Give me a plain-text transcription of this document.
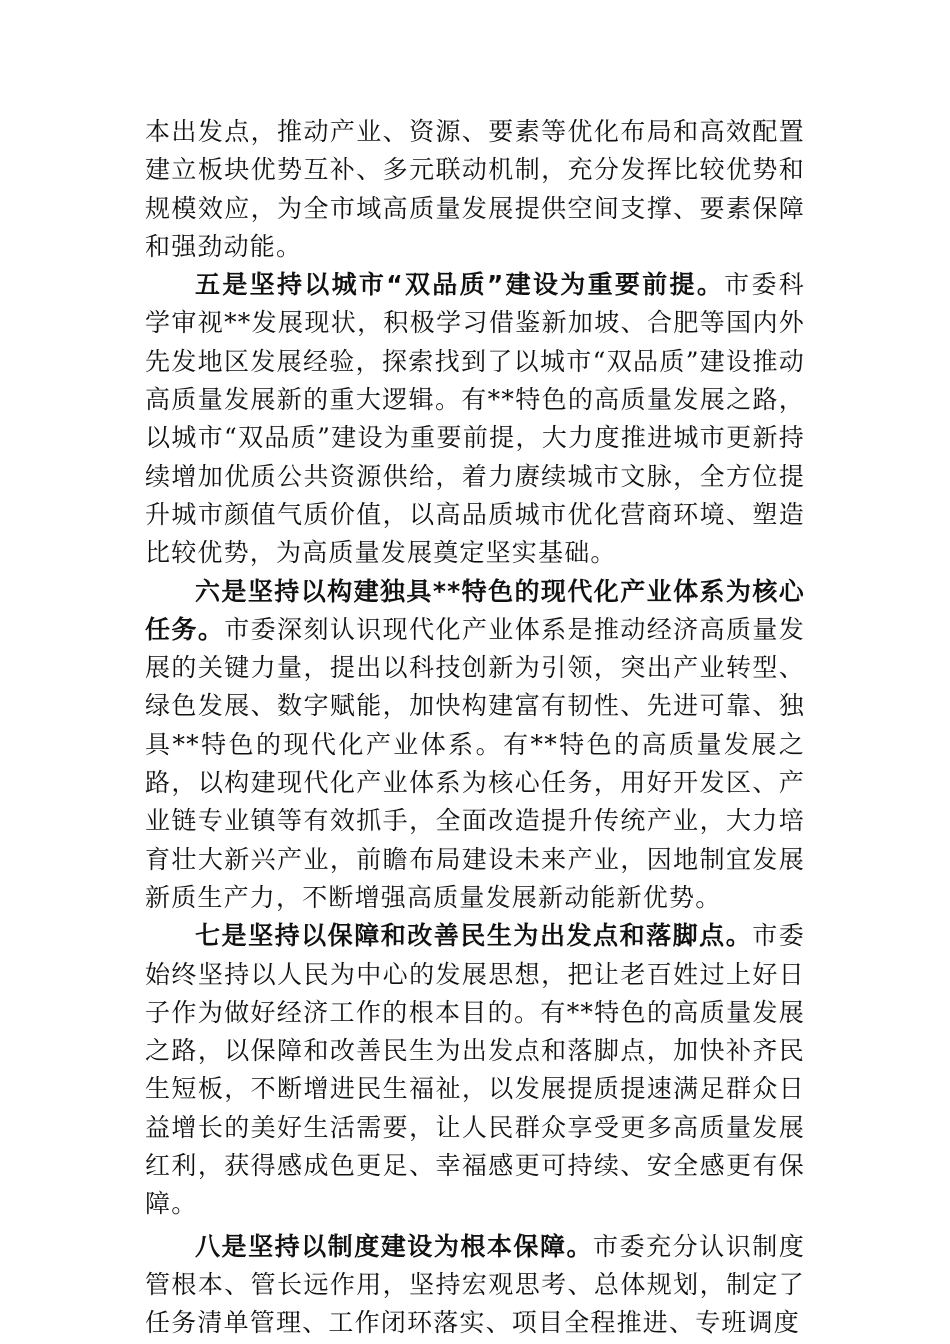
本出发点，推动产业、资源、要素等优化布局和高效配置建立板块优势互补、多元联动机制，充分发挥比较优势和规模效应，为全市域高质量发展提供空间支撑、要素保障和强劲动能。

五是坚持以城市“双品质”建设为重要前提。市委科学审视**发展现状，积极学习借鉴新加坡、合肥等国内外先发地区发展经验，探索找到了以城市“双品质”建设推动高质量发展新的重大逻辑。有**特色的高质量发展之路，以城市“双品质”建设为重要前提，大力度推进城市更新持续增加优质公共资源供给，着力赓续城市文脉，全方位提升城市颜值气质价值，以高品质城市优化营商环境、塑造比较优势，为高质量发展奠定坚实基础。

六是坚持以构建独具**特色的现代化产业体系为核心任务。市委深刻认识现代化产业体系是推动经济高质量发展的关键力量，提出以科技创新为引领，突出产业转型、绿色发展、数字赋能，加快构建富有韧性、先进可靠、独具**特色的现代化产业体系。有**特色的高质量发展之路，以构建现代化产业体系为核心任务，用好开发区、产业链专业镇等有效抓手，全面改造提升传统产业，大力培育壮大新兴产业，前瞻布局建设未来产业，因地制宜发展新质生产力，不断增强高质量发展新动能新优势。

七是坚持以保障和改善民生为出发点和落脚点。市委始终坚持以人民为中心的发展思想，把让老百姓过上好日子作为做好经济工作的根本目的。有**特色的高质量发展之路，以保障和改善民生为出发点和落脚点，加快补齐民生短板，不断增进民生福祉，以发展提质提速满足群众日益增长的美好生活需要，让人民群众享受更多高质量发展红利，获得感成色更足、幸福感更可持续、安全感更有保障。

八是坚持以制度建设为根本保障。市委充分认识制度管根本、管长远作用，坚持宏观思考、总体规划，制定了任务清单管理、工作闭环落实、项目全程推进、专班调度
